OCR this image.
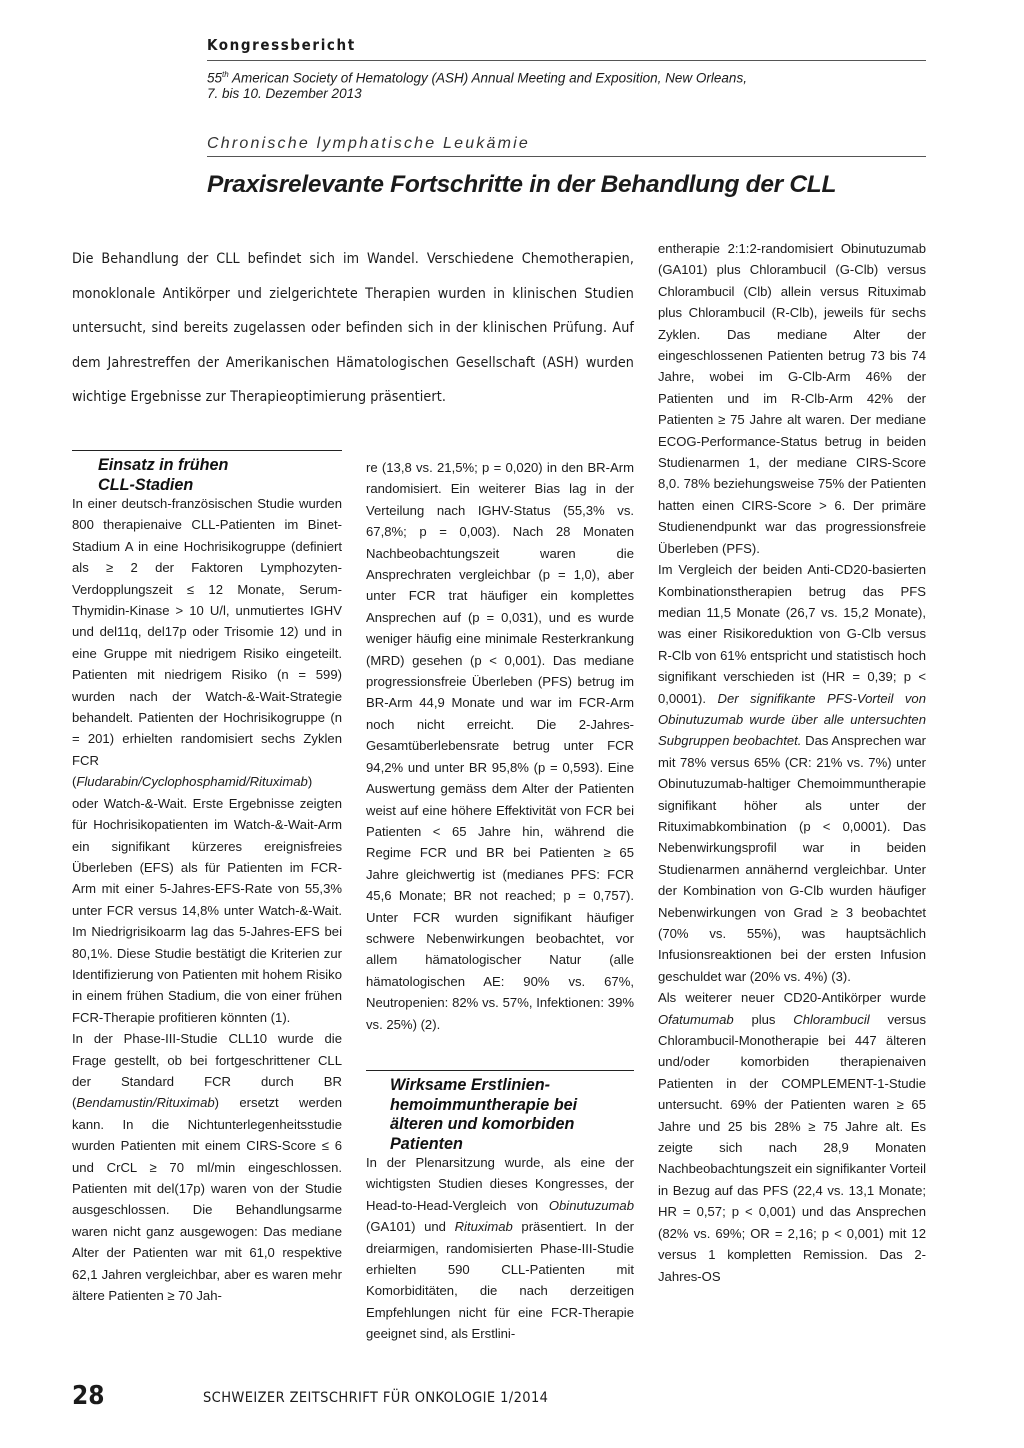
Kongressbericht
55th American Society of Hematology (ASH) Annual Meeting and Exposition, New Orleans,
7. bis 10. Dezember 2013
Chronische lymphatische Leukämie
Praxisrelevante Fortschritte in der Behandlung der CLL
Die Behandlung der CLL befindet sich im Wandel. Verschiedene Chemotherapien, monoklonale Antikörper und zielgerichtete Therapien wurden in klinischen Studien untersucht, sind bereits zugelassen oder befinden sich in der klinischen Prüfung. Auf dem Jahrestreffen der Amerikanischen Hämatologischen Gesellschaft (ASH) wurden wichtige Ergebnisse zur Therapieoptimierung präsentiert.
Einsatz in frühen
CLL-Stadien

In einer deutsch-französischen Studie wurden 800 therapienaive CLL-Patienten im Binet-Stadium A in eine Hochrisikogruppe (definiert als ≥ 2 der Faktoren Lymphozyten-Verdopplungszeit ≤ 12 Monate, Serum-Thymidin-Kinase > 10 U/l, unmutiertes IGHV und del11q, del17p oder Trisomie 12) und in eine Gruppe mit niedrigem Risiko eingeteilt. Patienten mit niedrigem Risiko (n = 599) wurden nach der Watch-&-Wait-Strategie behandelt. Patienten der Hochrisikogruppe (n = 201) erhielten randomisiert sechs Zyklen FCR (Fludarabin/Cyclophosphamid/Rituximab) oder Watch-&-Wait. Erste Ergebnisse zeigten für Hochrisikopatienten im Watch-&-Wait-Arm ein signifikant kürzeres ereignisfreies Überleben (EFS) als für Patienten im FCR-Arm mit einer 5-Jahres-EFS-Rate von 55,3% unter FCR versus 14,8% unter Watch-&-Wait. Im Niedrigrisikoarm lag das 5-Jahres-EFS bei 80,1%. Diese Studie bestätigt die Kriterien zur Identifizierung von Patienten mit hohem Risiko in einem frühen Stadium, die von einer frühen FCR-Therapie profitieren könnten (1).

In der Phase-III-Studie CLL10 wurde die Frage gestellt, ob bei fortgeschrittener CLL der Standard FCR durch BR (Bendamustin/Rituximab) ersetzt werden kann. In die Nichtunterlegenheitsstudie wurden Patienten mit einem CIRS-Score ≤ 6 und CrCL ≥ 70 ml/min eingeschlossen. Patienten mit del(17p) waren von der Studie ausgeschlossen. Die Behandlungsarme waren nicht ganz ausgewogen: Das mediane Alter der Patienten war mit 61,0 respektive 62,1 Jahren vergleichbar, aber es waren mehr ältere Patienten ≥ 70 Jah-

re (13,8 vs. 21,5%; p = 0,020) in den BR-Arm randomisiert. Ein weiterer Bias lag in der Verteilung nach IGHV-Status (55,3% vs. 67,8%; p = 0,003). Nach 28 Monaten Nachbeobachtungszeit waren die Ansprechraten vergleichbar (p = 1,0), aber unter FCR trat häufiger ein komplettes Ansprechen auf (p = 0,031), und es wurde weniger häufig eine minimale Resterkrankung (MRD) gesehen (p < 0,001). Das mediane progressionsfreie Überleben (PFS) betrug im BR-Arm 44,9 Monate und war im FCR-Arm noch nicht erreicht. Die 2-Jahres-Gesamtüberlebensrate betrug unter FCR 94,2% und unter BR 95,8% (p = 0,593). Eine Auswertung gemäss dem Alter der Patienten weist auf eine höhere Effektivität von FCR bei Patienten < 65 Jahre hin, während die Regime FCR und BR bei Patienten ≥ 65 Jahre gleichwertig ist (medianes PFS: FCR 45,6 Monate; BR not reached; p = 0,757). Unter FCR wurden signifikant häufiger schwere Nebenwirkungen beobachtet, vor allem hämatologischer Natur (alle hämatologischen AE: 90% vs. 67%, Neutropenien: 82% vs. 57%, Infektionen: 39% vs. 25%) (2).

Wirksame Erstlinien-
hemoimmuntherapie bei
älteren und komorbiden
Patienten

In der Plenarsitzung wurde, als eine der wichtigsten Studien dieses Kongresses, der Head-to-Head-Vergleich von Obinutuzumab (GA101) und Rituximab präsentiert. In der dreiarmigen, randomisierten Phase-III-Studie erhielten 590 CLL-Patienten mit Komorbiditäten, die nach derzeitigen Empfehlungen nicht für eine FCR-Therapie geeignet sind, als Erstlini-

entherapie 2:1:2-randomisiert Obinutuzumab (GA101) plus Chlorambucil (G-Clb) versus Chlorambucil (Clb) allein versus Rituximab plus Chlorambucil (R-Clb), jeweils für sechs Zyklen. Das mediane Alter der eingeschlossenen Patienten betrug 73 bis 74 Jahre, wobei im G-Clb-Arm 46% der Patienten und im R-Clb-Arm 42% der Patienten ≥ 75 Jahre alt waren. Der mediane ECOG-Performance-Status betrug in beiden Studienarmen 1, der mediane CIRS-Score 8,0. 78% beziehungsweise 75% der Patienten hatten einen CIRS-Score > 6. Der primäre Studienendpunkt war das progressionsfreie Überleben (PFS).

Im Vergleich der beiden Anti-CD20-basierten Kombinationstherapien betrug das PFS median 11,5 Monate (26,7 vs. 15,2 Monate), was einer Risikoreduktion von G-Clb versus R-Clb von 61% entspricht und statistisch hoch signifikant verschieden ist (HR = 0,39; p < 0,0001). Der signifikante PFS-Vorteil von Obinutuzumab wurde über alle untersuchten Subgruppen beobachtet. Das Ansprechen war mit 78% versus 65% (CR: 21% vs. 7%) unter Obinutuzumab-haltiger Chemoimmuntherapie signifikant höher als unter der Rituximabkombination (p < 0,0001). Das Nebenwirkungsprofil war in beiden Studienarmen annähernd vergleichbar. Unter der Kombination von G-Clb wurden häufiger Nebenwirkungen von Grad ≥ 3 beobachtet (70% vs. 55%), was hauptsächlich Infusionsreaktionen bei der ersten Infusion geschuldet war (20% vs. 4%) (3).

Als weiterer neuer CD20-Antikörper wurde Ofatumumab plus Chlorambucil versus Chlorambucil-Monotherapie bei 447 älteren und/oder komorbiden therapienaiven Patienten in der COMPLEMENT-1-Studie untersucht. 69% der Patienten waren ≥ 65 Jahre und 25 bis 28% ≥ 75 Jahre alt. Es zeigte sich nach 28,9 Monaten Nachbeobachtungszeit ein signifikanter Vorteil in Bezug auf das PFS (22,4 vs. 13,1 Monate; HR = 0,57; p < 0,001) und das Ansprechen (82% vs. 69%; OR = 2,16; p < 0,001) mit 12 versus 1 kompletten Remission. Das 2-Jahres-OS

28	SCHWEIZER ZEITSCHRIFT FÜR ONKOLOGIE 1/2014
